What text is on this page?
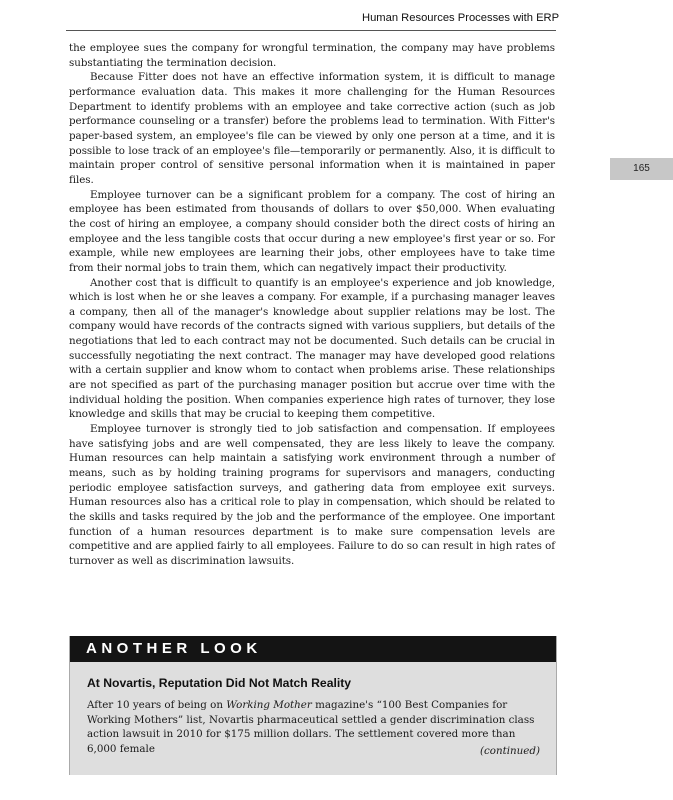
Human Resources Processes with ERP
165

the employee sues the company for wrongful termination, the company may have problems substantiating the termination decision.

Because Fitter does not have an effective information system, it is difficult to manage performance evaluation data. This makes it more challenging for the Human Resources Department to identify problems with an employee and take corrective action (such as job performance counseling or a transfer) before the problems lead to termination. With Fitter's paper-based system, an employee's file can be viewed by only one person at a time, and it is possible to lose track of an employee's file—temporarily or permanently. Also, it is difficult to maintain proper control of sensitive personal information when it is maintained in paper files.

Employee turnover can be a significant problem for a company. The cost of hiring an employee has been estimated from thousands of dollars to over $50,000. When evaluating the cost of hiring an employee, a company should consider both the direct costs of hiring an employee and the less tangible costs that occur during a new employee's first year or so. For example, while new employees are learning their jobs, other employees have to take time from their normal jobs to train them, which can negatively impact their productivity.

Another cost that is difficult to quantify is an employee's experience and job knowledge, which is lost when he or she leaves a company. For example, if a purchasing manager leaves a company, then all of the manager's knowledge about supplier relations may be lost. The company would have records of the contracts signed with various suppliers, but details of the negotiations that led to each contract may not be documented. Such details can be crucial in successfully negotiating the next contract. The manager may have developed good relations with a certain supplier and know whom to contact when problems arise. These relationships are not specified as part of the purchasing manager position but accrue over time with the individual holding the position. When companies experience high rates of turnover, they lose knowledge and skills that may be crucial to keeping them competitive.

Employee turnover is strongly tied to job satisfaction and compensation. If employees have satisfying jobs and are well compensated, they are less likely to leave the company. Human resources can help maintain a satisfying work environment through a number of means, such as by holding training programs for supervisors and managers, conducting periodic employee satisfaction surveys, and gathering data from employee exit surveys. Human resources also has a critical role to play in compensation, which should be related to the skills and tasks required by the job and the performance of the employee. One important function of a human resources department is to make sure compensation levels are competitive and are applied fairly to all employees. Failure to do so can result in high rates of turnover as well as discrimination lawsuits.

ANOTHER LOOK
At Novartis, Reputation Did Not Match Reality
After 10 years of being on Working Mother magazine's “100 Best Companies for Working Mothers” list, Novartis pharmaceutical settled a gender discrimination class action lawsuit in 2010 for $175 million dollars. The settlement covered more than 6,000 female	(continued)
